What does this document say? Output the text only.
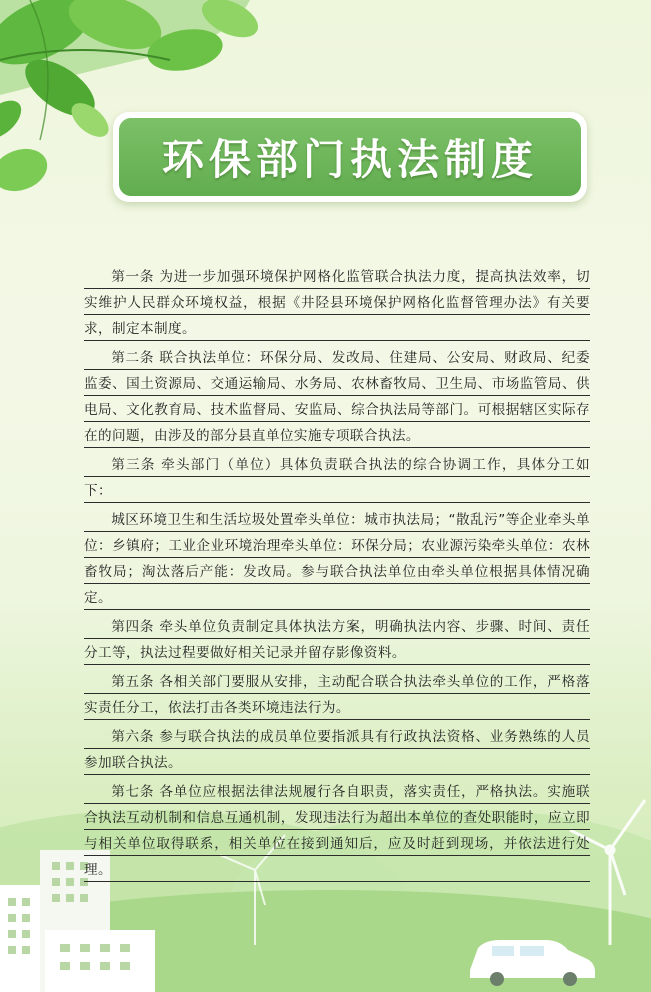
环保部门执法制度

第一条 为进一步加强环境保护网格化监管联合执法力度，提高执法效率，切实维护人民群众环境权益，根据《井陉县环境保护网格化监督管理办法》有关要求，制定本制度。

第二条 联合执法单位：环保分局、发改局、住建局、公安局、财政局、纪委监委、国土资源局、交通运输局、水务局、农林畜牧局、卫生局、市场监管局、供电局、文化教育局、技术监督局、安监局、综合执法局等部门。可根据辖区实际存在的问题，由涉及的部分县直单位实施专项联合执法。

第三条 牵头部门（单位）具体负责联合执法的综合协调工作，具体分工如下：

城区环境卫生和生活垃圾处置牵头单位：城市执法局；“散乱污”等企业牵头单位：乡镇府；工业企业环境治理牵头单位：环保分局；农业源污染牵头单位：农林畜牧局；淘汰落后产能：发改局。参与联合执法单位由牵头单位根据具体情况确定。

第四条 牵头单位负责制定具体执法方案，明确执法内容、步骤、时间、责任分工等，执法过程要做好相关记录并留存影像资料。

第五条 各相关部门要服从安排，主动配合联合执法牵头单位的工作，严格落实责任分工，依法打击各类环境违法行为。

第六条 参与联合执法的成员单位要指派具有行政执法资格、业务熟练的人员参加联合执法。

第七条 各单位应根据法律法规履行各自职责，落实责任，严格执法。实施联合执法互动机制和信息互通机制，发现违法行为超出本单位的查处职能时，应立即与相关单位取得联系，相关单位在接到通知后，应及时赶到现场，并依法进行处理。
